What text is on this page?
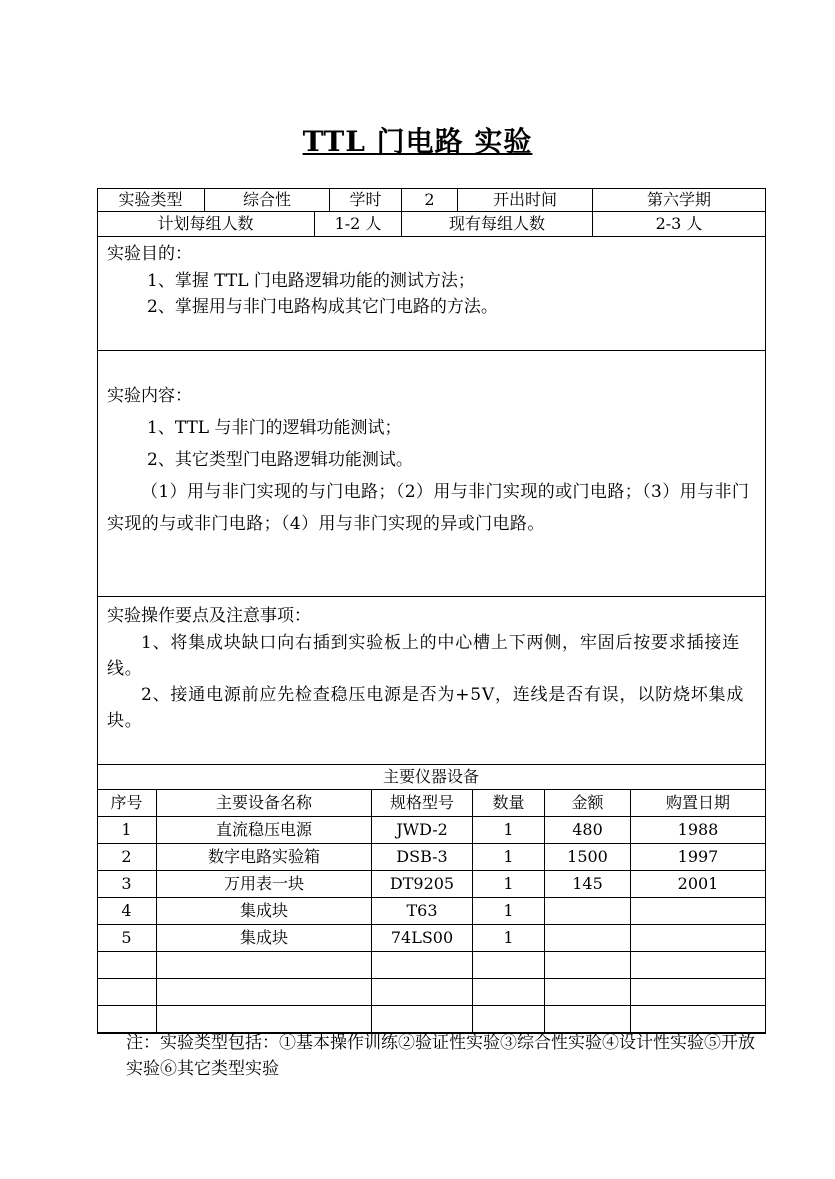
TTL 门电路 实验
实验类型	综合性	学时	2	开出时间	第六学期
计划每组人数	1-2 人	现有每组人数	2-3 人
实验目的：
1、掌握 TTL 门电路逻辑功能的测试方法；
2、掌握用与非门电路构成其它门电路的方法。
实验内容：
1、TTL 与非门的逻辑功能测试；
2、其它类型门电路逻辑功能测试。
（1）用与非门实现的与门电路；（2）用与非门实现的或门电路；（3）用与非门实现的与或非门电路；（4）用与非门实现的异或门电路。
实验操作要点及注意事项：
1、将集成块缺口向右插到实验板上的中心槽上下两侧，牢固后按要求插接连线。
2、接通电源前应先检查稳压电源是否为+5V，连线是否有误，以防烧坏集成块。
主要仪器设备
序号	主要设备名称	规格型号	数量	金额	购置日期
1	直流稳压电源	JWD-2	1	480	1988
2	数字电路实验箱	DSB-3	1	1500	1997
3	万用表一块	DT9205	1	145	2001
4	集成块	T63	1
5	集成块	74LS00	1
注：实验类型包括：①基本操作训练②验证性实验③综合性实验④设计性实验⑤开放实验⑥其它类型实验
